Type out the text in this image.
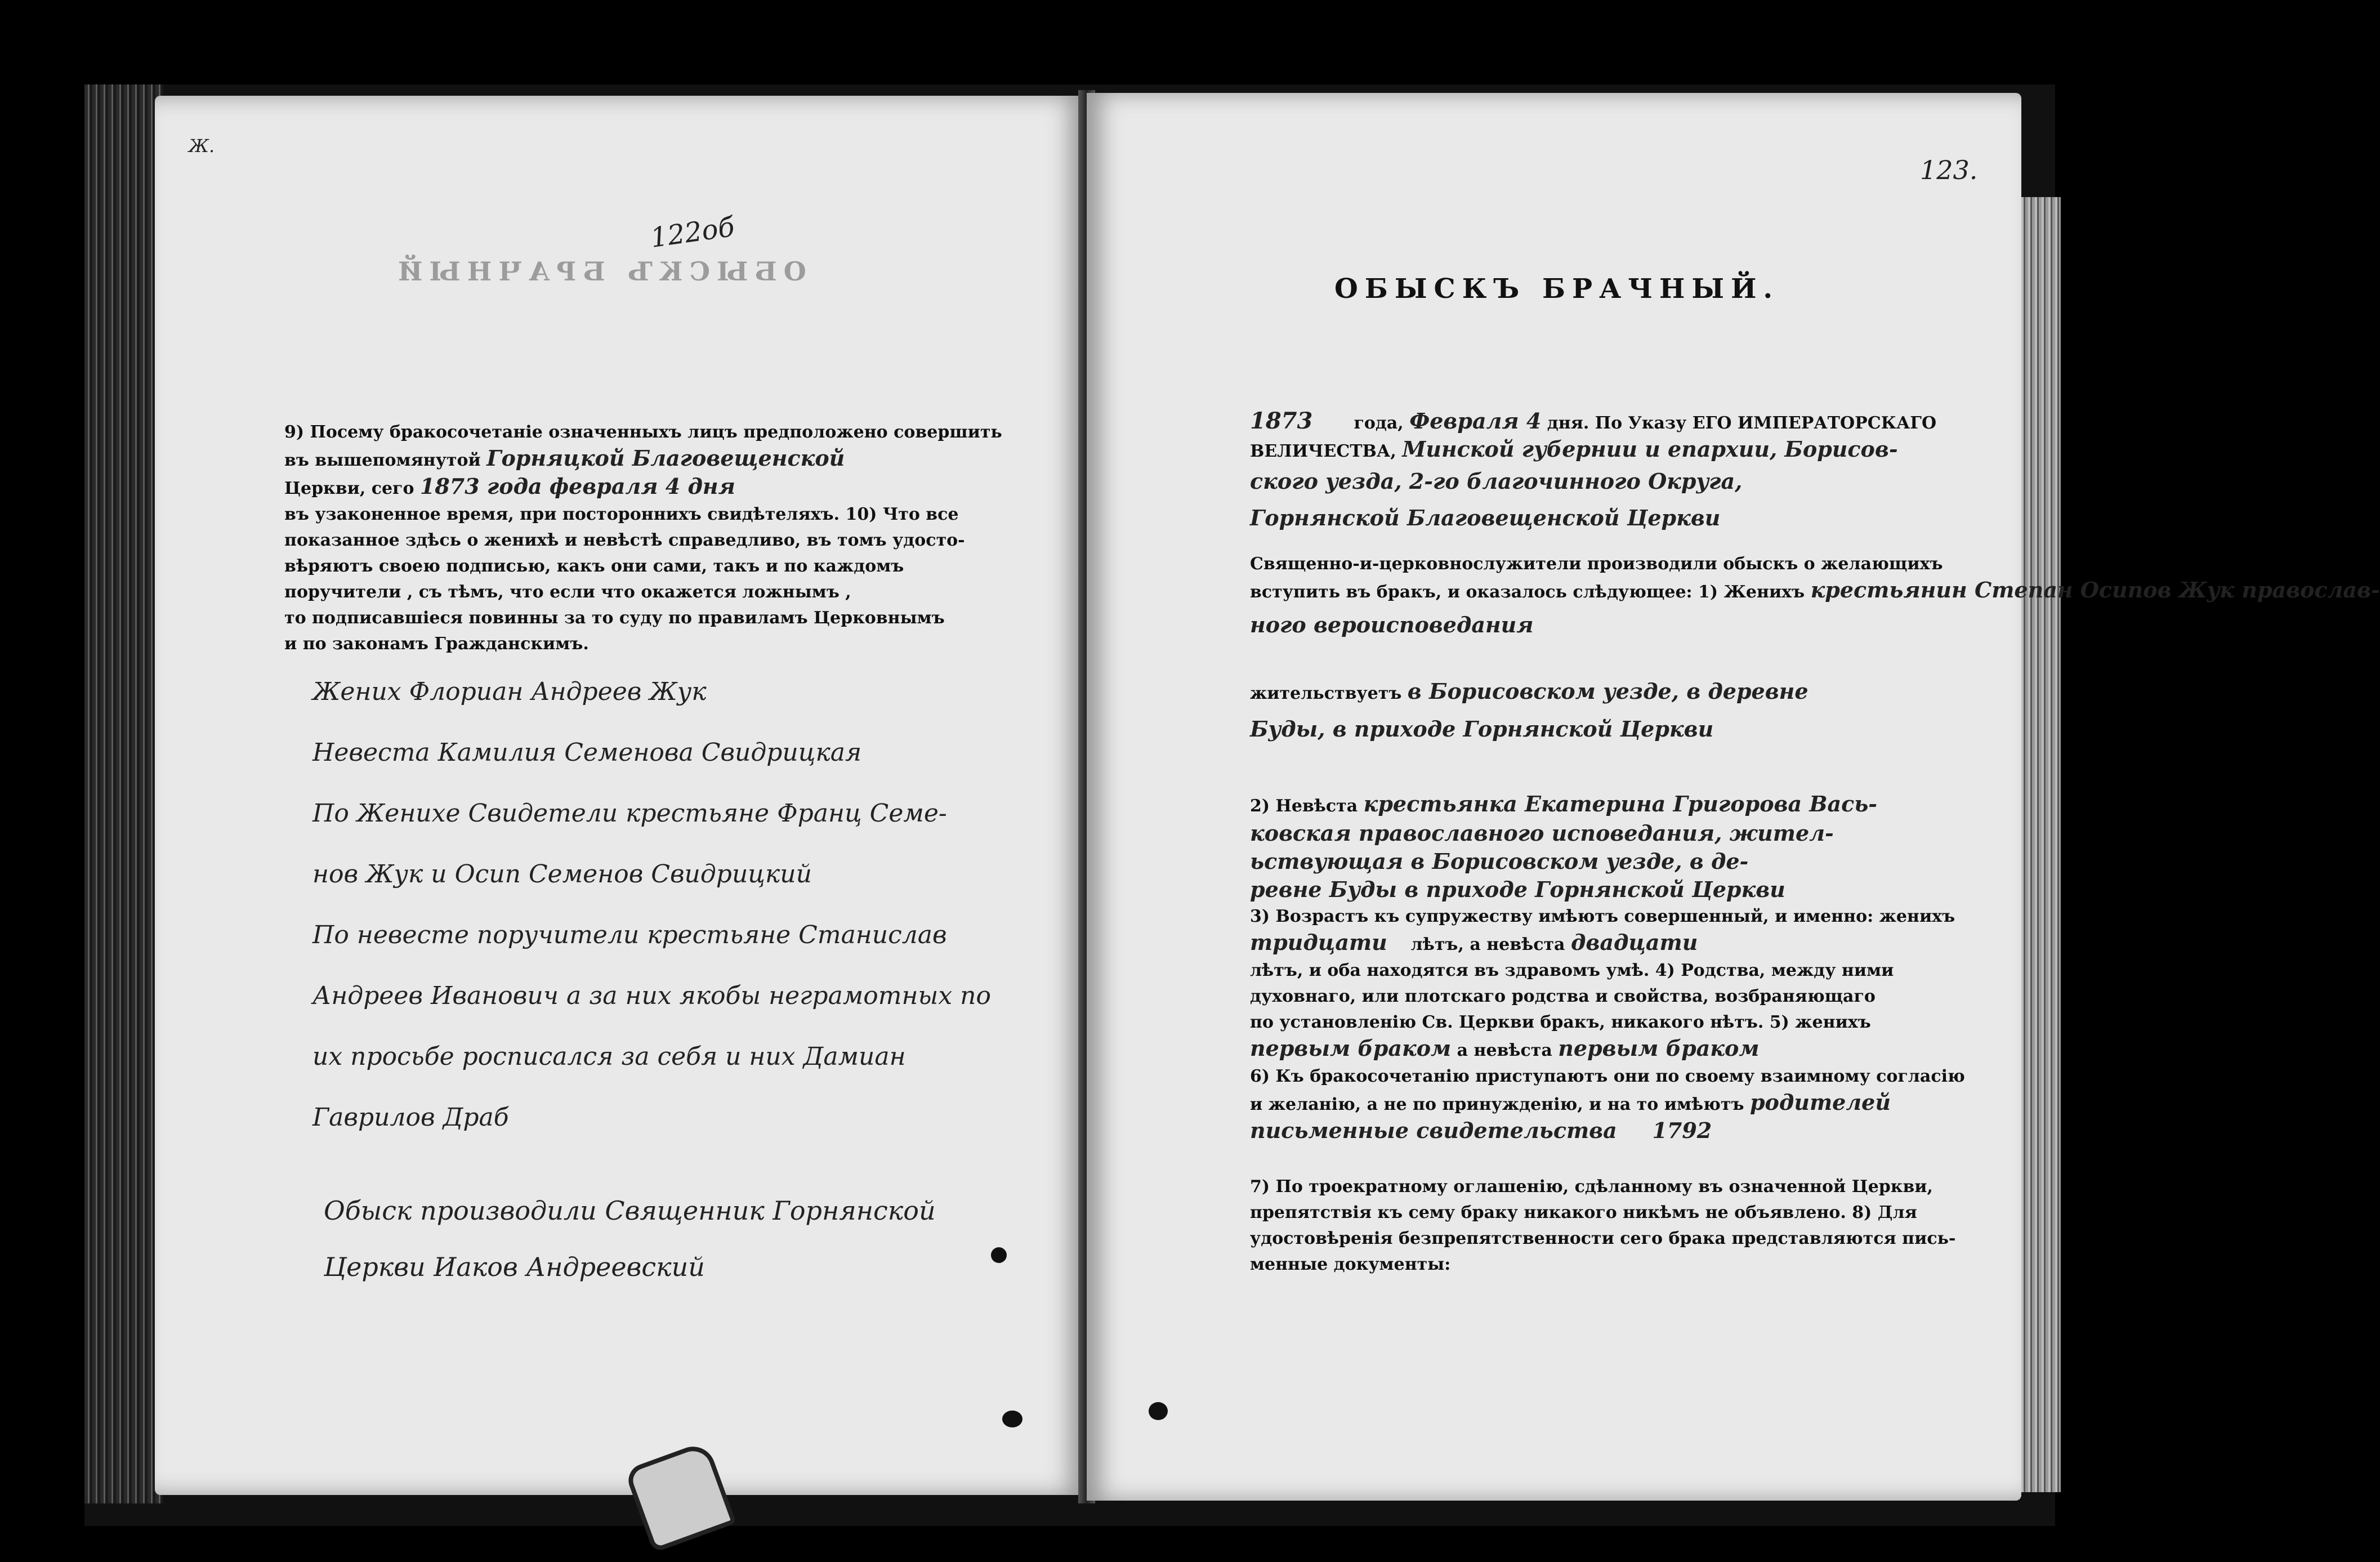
Ж.
122об
ОБЫСКЪ БРАЧНЫЙ
9) Посему бракосочетаніе означенныхъ лицъ предположено совершить
въ вышепомянутой Горняцкой Благовещенской
Церкви, сего 1873 года февраля 4 дня
въ узаконенное время, при постороннихъ свидѣтеляхъ. 10) Что все
показанное здѣсь о женихѣ и невѣстѣ справедливо, въ томъ удосто-
вѣряютъ своею подписью, какъ они сами, такъ и по каждомъ
поручители , съ тѣмъ, что если что окажется ложнымъ ,
то подписавшіеся повинны за то суду по правиламъ Церковнымъ
и по законамъ Гражданскимъ.
Жених Флориан Андреев Жук
Невеста Камилия Семенова Свидрицкая
По Женихе Свидетели крестьяне Франц Семе-
нов Жук и Осип Семенов Свидрицкий
По невесте поручители крестьяне Станислав
Андреев Иванович а за них якобы неграмотных по
их просьбе росписался за себя и них Дамиан
Гаврилов Драб
Обыск производили Священник Горнянской
Церкви Иаков Андреевский
123.
ОБЫСКЪ БРАЧНЫЙ.
1873 года, Февраля 4 дня. По Указу ЕГО ИМПЕРАТОРСКАГО
ВЕЛИЧЕСТВА, Минской губернии и епархии, Борисов-
ского уезда, 2-го благочинного Округа,
Горнянской Благовещенской Церкви
Священно-и-церковнослужители производили обыскъ о желающихъ
вступить въ бракъ, и оказалось слѣдующее: 1) Женихъ крестьянин Степан Осипов Жук православ-
ного вероисповедания
жительствуетъ в Борисовском уезде, в деревне
Буды, в приходе Горнянской Церкви
2) Невѣста крестьянка Екатерина Григорова Вась-
ковская православного исповедания, жител-
ьствующая в Борисовском уезде, в де-
ревне Буды в приходе Горнянской Церкви
3) Возрастъ къ супружеству имѣютъ совершенный, и именно: женихъ
тридцати лѣтъ, а невѣста двадцати
лѣтъ, и оба находятся въ здравомъ умѣ. 4) Родства, между ними
духовнаго, или плотскаго родства и свойства, возбраняющаго
по установленію Св. Церкви бракъ, никакого нѣтъ. 5) женихъ
первым браком а невѣста первым браком
6) Къ бракосочетанію приступаютъ они по своему взаимному согласію
и желанію, а не по принужденію, и на то имѣютъ родителей
письменные свидетельства 1792
7) По троекратному оглашенію, сдѣланному въ означенной Церкви,
препятствія къ сему браку никакого никѣмъ не объявлено. 8) Для
удостовѣренія безпрепятственности сего брака представляются пись-
менные документы:
